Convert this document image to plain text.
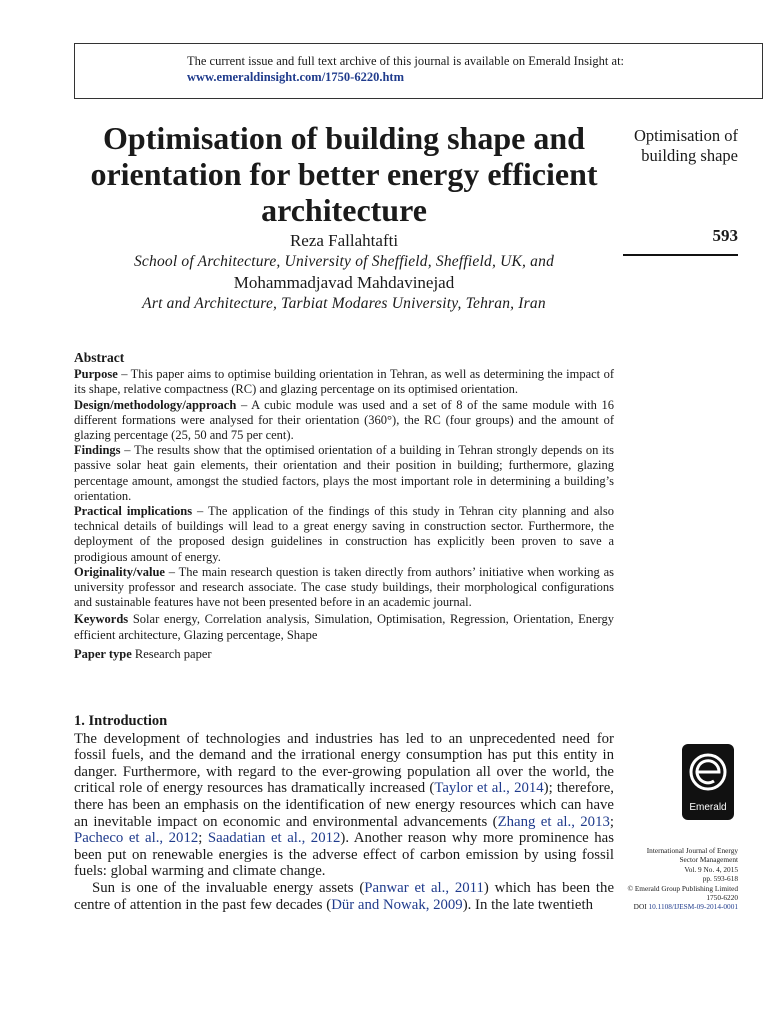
The current issue and full text archive of this journal is available on Emerald Insight at:
www.emeraldinsight.com/1750-6220.htm
Optimisation of building shape and orientation for better energy efficient architecture
Optimisation of building shape
593
Reza Fallahtafti
School of Architecture, University of Sheffield, Sheffield, UK, and
Mohammadjavad Mahdavinejad
Art and Architecture, Tarbiat Modares University, Tehran, Iran
Abstract

Purpose – This paper aims to optimise building orientation in Tehran, as well as determining the impact of its shape, relative compactness (RC) and glazing percentage on its optimised orientation.

Design/methodology/approach – A cubic module was used and a set of 8 of the same module with 16 different formations were analysed for their orientation (360°), the RC (four groups) and the amount of glazing percentage (25, 50 and 75 per cent).

Findings – The results show that the optimised orientation of a building in Tehran strongly depends on its passive solar heat gain elements, their orientation and their position in building; furthermore, glazing percentage amount, amongst the studied factors, plays the most important role in determining a building’s orientation.

Practical implications – The application of the findings of this study in Tehran city planning and also technical details of buildings will lead to a great energy saving in construction sector. Furthermore, the deployment of the proposed design guidelines in construction has explicitly been proven to save a prodigious amount of energy.

Originality/value – The main research question is taken directly from authors’ initiative when working as university professor and research associate. The case study buildings, their morphological configurations and sustainable features have not been presented before in an academic journal.

Keywords Solar energy, Correlation analysis, Simulation, Optimisation, Regression, Orientation, Energy efficient architecture, Glazing percentage, Shape

Paper type Research paper

1. Introduction

The development of technologies and industries has led to an unprecedented need for fossil fuels, and the demand and the irrational energy consumption has put this entity in danger. Furthermore, with regard to the ever-growing population all over the world, the critical role of energy resources has dramatically increased (Taylor et al., 2014); therefore, there has been an emphasis on the identification of new energy resources which can have an inevitable impact on economic and environmental advancements (Zhang et al., 2013; Pacheco et al., 2012; Saadatian et al., 2012). Another reason why more prominence has been put on renewable energies is the adverse effect of carbon emission by using fossil fuels: global warming and climate change.

Sun is one of the invaluable energy assets (Panwar et al., 2011) which has been the centre of attention in the past few decades (Dür and Nowak, 2009). In the late twentieth

Emerald
International Journal of Energy
Sector Management
Vol. 9 No. 4, 2015
pp. 593-618
© Emerald Group Publishing Limited
1750-6220
DOI 10.1108/IJESM-09-2014-0001
